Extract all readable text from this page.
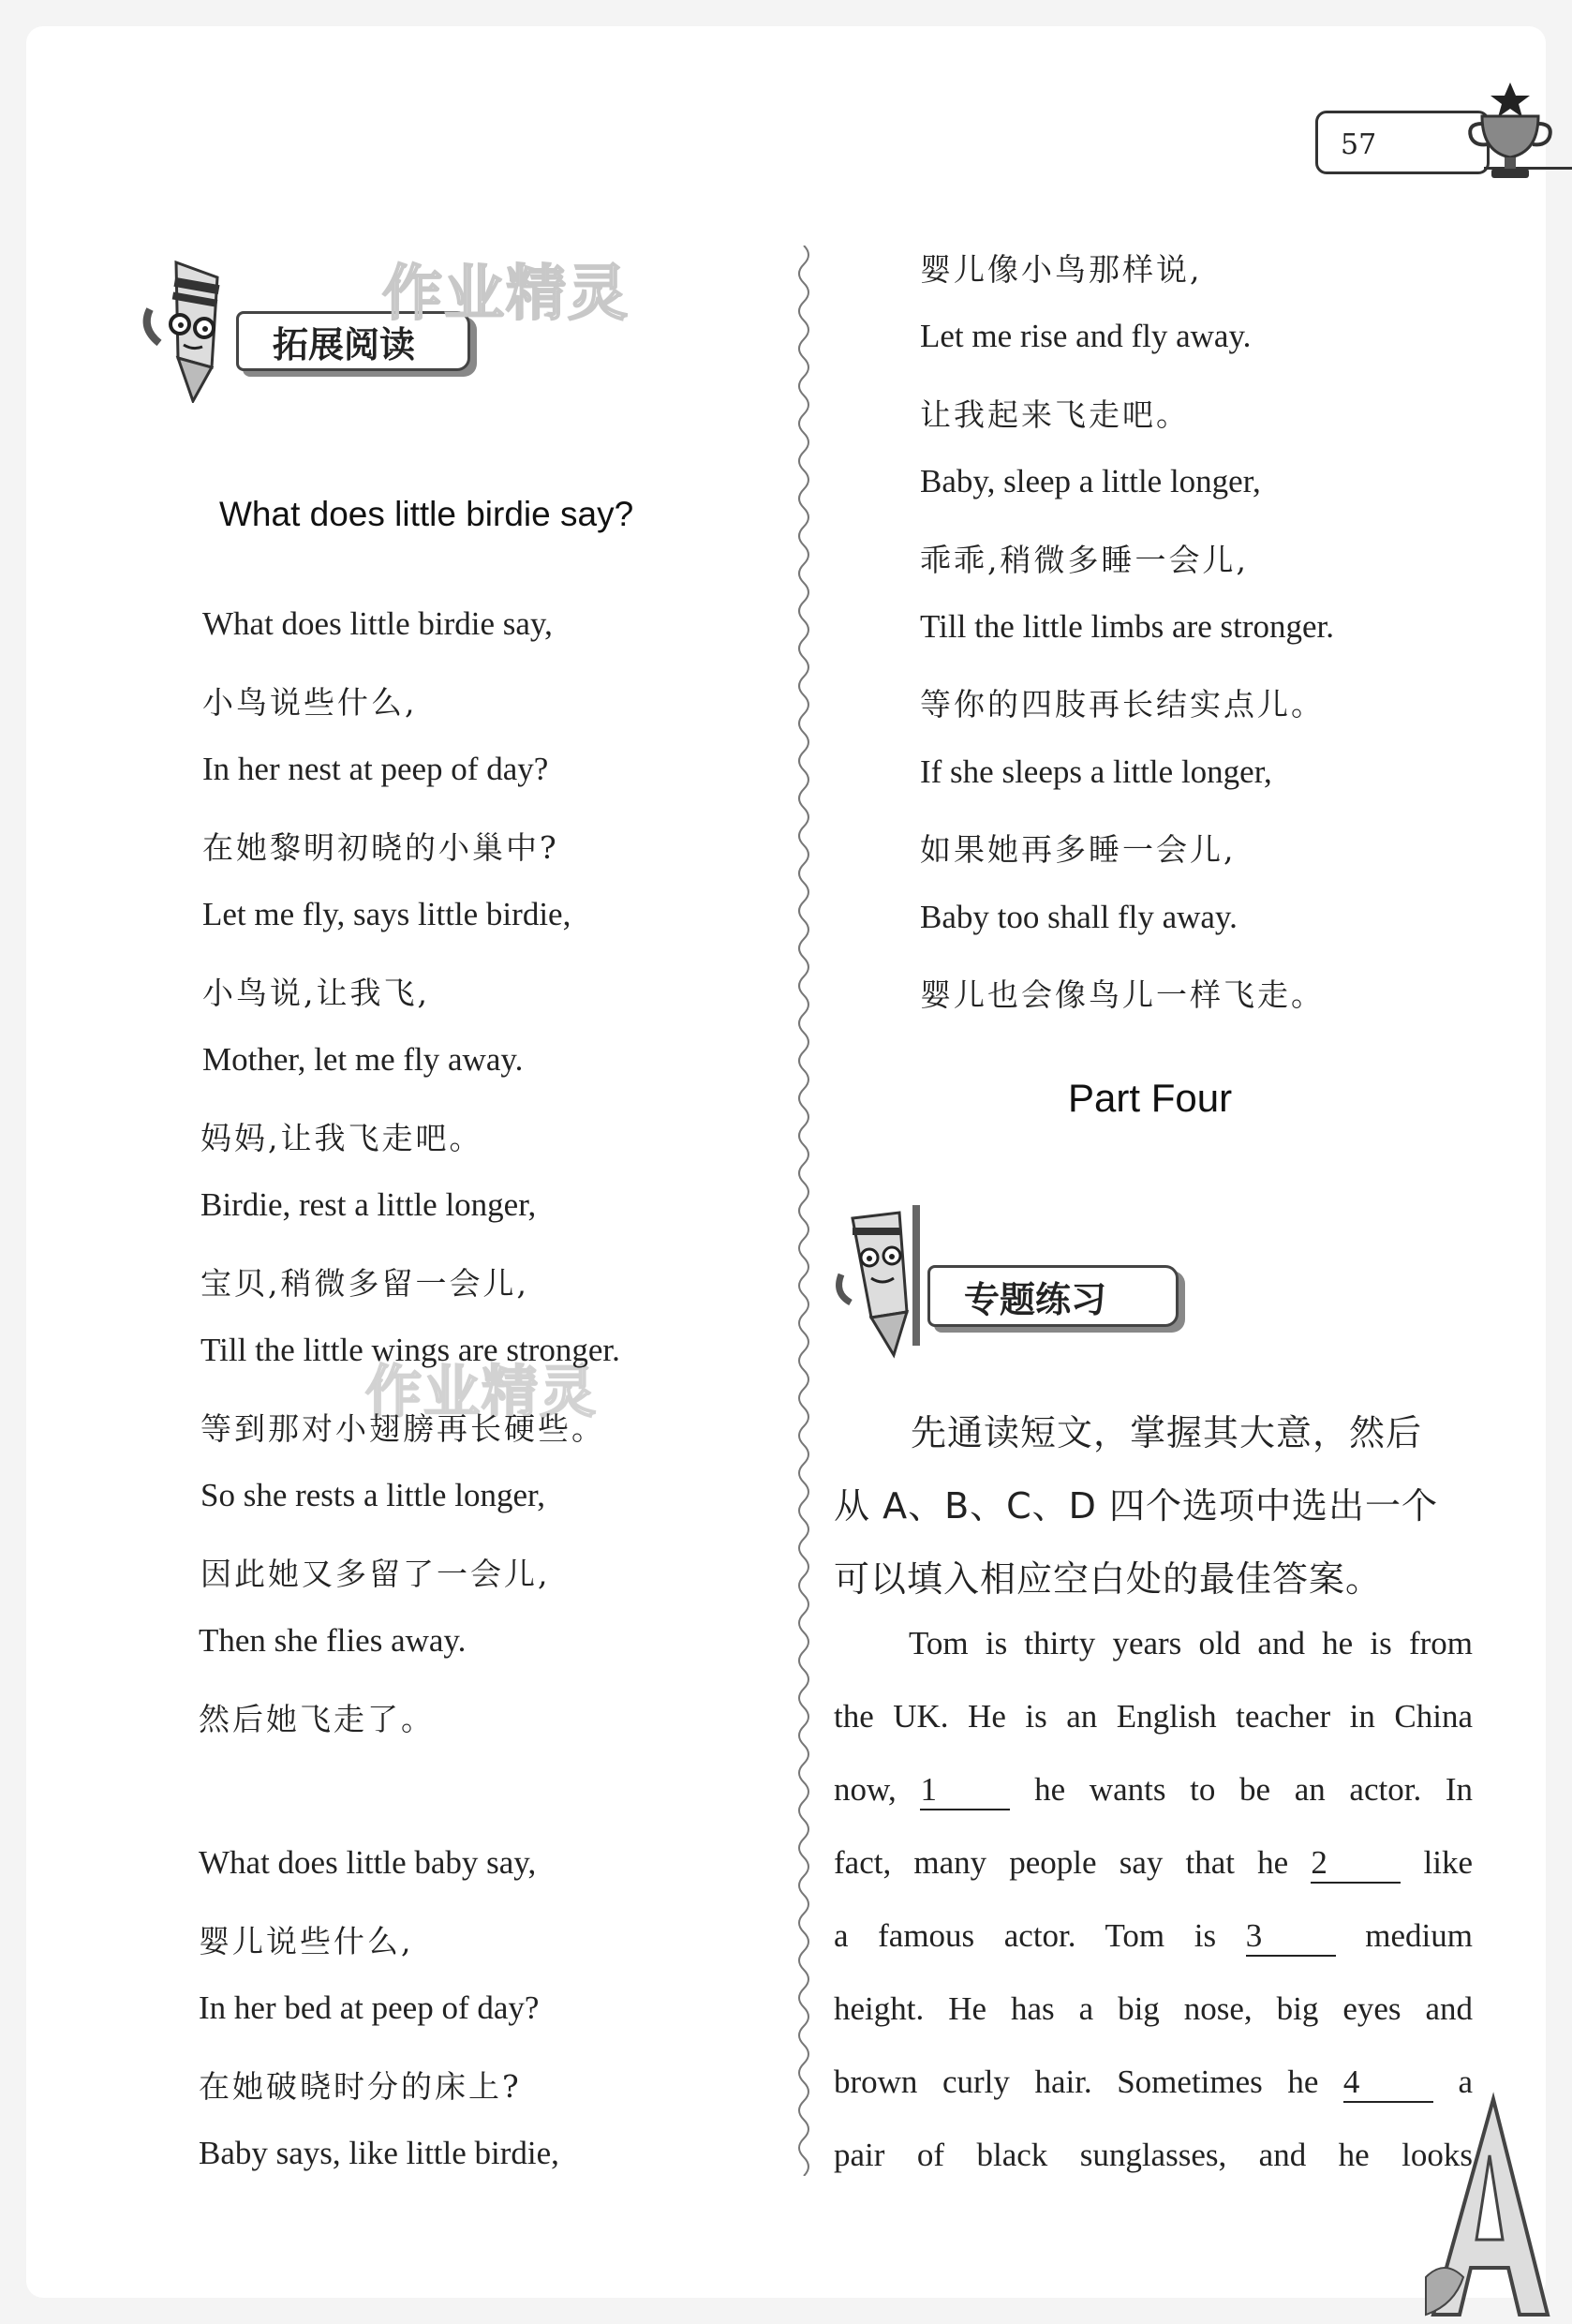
57
拓展阅读
作业精灵
作业精灵
What does little birdie say?
What does little birdie say,
小鸟说些什么,
In her nest at peep of day?
在她黎明初晓的小巢中?
Let me fly, says little birdie,
小鸟说,让我飞,
Mother, let me fly away.
妈妈,让我飞走吧。
Birdie, rest a little longer,
宝贝,稍微多留一会儿,
Till the little wings are stronger.
等到那对小翅膀再长硬些。
So she rests a little longer,
因此她又多留了一会儿,
Then she flies away.
然后她飞走了。
What does little baby say,
婴儿说些什么,
In her bed at peep of day?
在她破晓时分的床上?
Baby says, like little birdie,
婴儿像小鸟那样说,
Let me rise and fly away.
让我起来飞走吧。
Baby, sleep a little longer,
乖乖,稍微多睡一会儿,
Till the little limbs are stronger.
等你的四肢再长结实点儿。
If she sleeps a little longer,
如果她再多睡一会儿,
Baby too shall fly away.
婴儿也会像鸟儿一样飞走。
Part Four
专题练习
先通读短文，掌握其大意，然后
从 A、B、C、D 四个选项中选出一个
可以填入相应空白处的最佳答案。
Tom is thirty years old and he is from
the UK. He is an English teacher in China
now, 1	he wants to be an actor. In
fact, many people say that he 2	like
a famous actor. Tom is 3	medium
height. He has a big nose, big eyes and
brown curly hair. Sometimes he 4	a
pair of black sunglasses, and he looks
